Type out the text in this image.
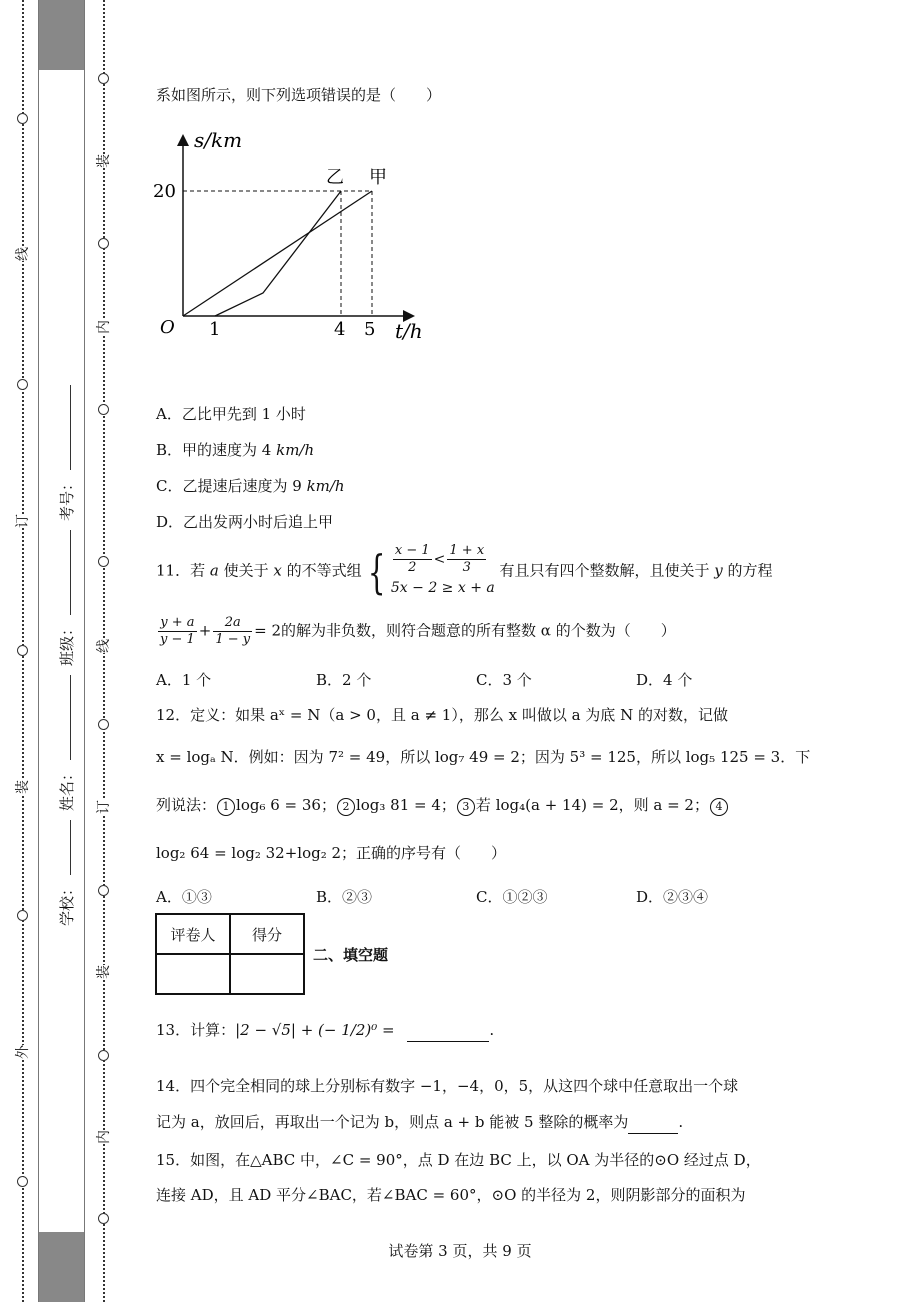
线
订
装
外
考号：
班级：
姓名：
学校：
装
内
线
订
装
内
系如图所示，则下列选项错误的是（　　）
s/km
20
O 1	4 5 t/h
乙 甲
A．乙比甲先到 1 小时
B．甲的速度为 4 km/h
C．乙提速后速度为 9 km/h
D．乙出发两小时后追上甲
11．若 a 使关于 x 的不等式组 { $\frac{x - 1}{2} < \frac{1 + x}{3}$
5x − 2 ≥ x + a
有且只有四个整数解，且使关于 y 的方程
$\frac{y + a}{y - 1} + \frac{2a}{1 - y} = 2$的解为非负数，则符合题意的所有整数 α 的个数为（　　）
A．1 个	B．2 个	C．3 个	D．4 个
12．定义：如果 aˣ = N（a > 0，且 a ≠ 1），那么 x 叫做以 a 为底 N 的对数，记做
x = logₐ N．例如：因为 7² = 49，所以 log₇ 49 = 2；因为 5³ = 125，所以 log₅ 125 = 3．下
列说法： 1 log₆ 6 = 36； 2 log₃ 81 = 4； 3 若 log₄(a + 14) = 2，则 a = 2； 4
log₂ 64 = log₂ 32+log₂ 2；正确的序号有（　　）
A．①③	B．②③	C．①②③	D．②③④
评卷人	得分

二、填空题
13．计算：|2 − √5| + (− 1/2)⁰ =	.
14．四个完全相同的球上分别标有数字 −1，−4，0，5，从这四个球中任意取出一个球
记为 a，放回后，再取出一个记为 b，则点 a + b 能被 5 整除的概率为	.
15．如图，在△ABC 中，∠C = 90°，点 D 在边 BC 上，以 OA 为半径的⊙O 经过点 D，
连接 AD，且 AD 平分∠BAC，若∠BAC = 60°，⊙O 的半径为 2，则阴影部分的面积为
试卷第 3 页，共 9 页
